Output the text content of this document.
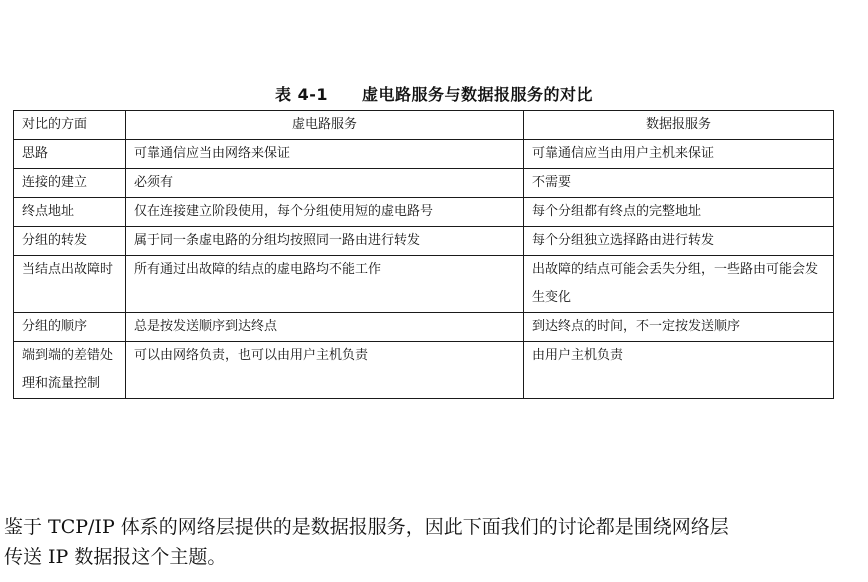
表 4-1 虚电路服务与数据报服务的对比
对比的方面	虚电路服务	数据报服务
思路	可靠通信应当由网络来保证	可靠通信应当由用户主机来保证
连接的建立	必须有	不需要
终点地址	仅在连接建立阶段使用，每个分组使用短的虚电路号	每个分组都有终点的完整地址
分组的转发	属于同一条虚电路的分组均按照同一路由进行转发	每个分组独立选择路由进行转发
当结点出故障时	所有通过出故障的结点的虚电路均不能工作	出故障的结点可能会丢失分组，一些路由可能会发生变化
分组的顺序	总是按发送顺序到达终点	到达终点的时间，不一定按发送顺序
端到端的差错处理和流量控制	可以由网络负责，也可以由用户主机负责	由用户主机负责
鉴于 TCP/IP 体系的网络层提供的是数据报服务，因此下面我们的讨论都是围绕网络层
传送 IP 数据报这个主题。
